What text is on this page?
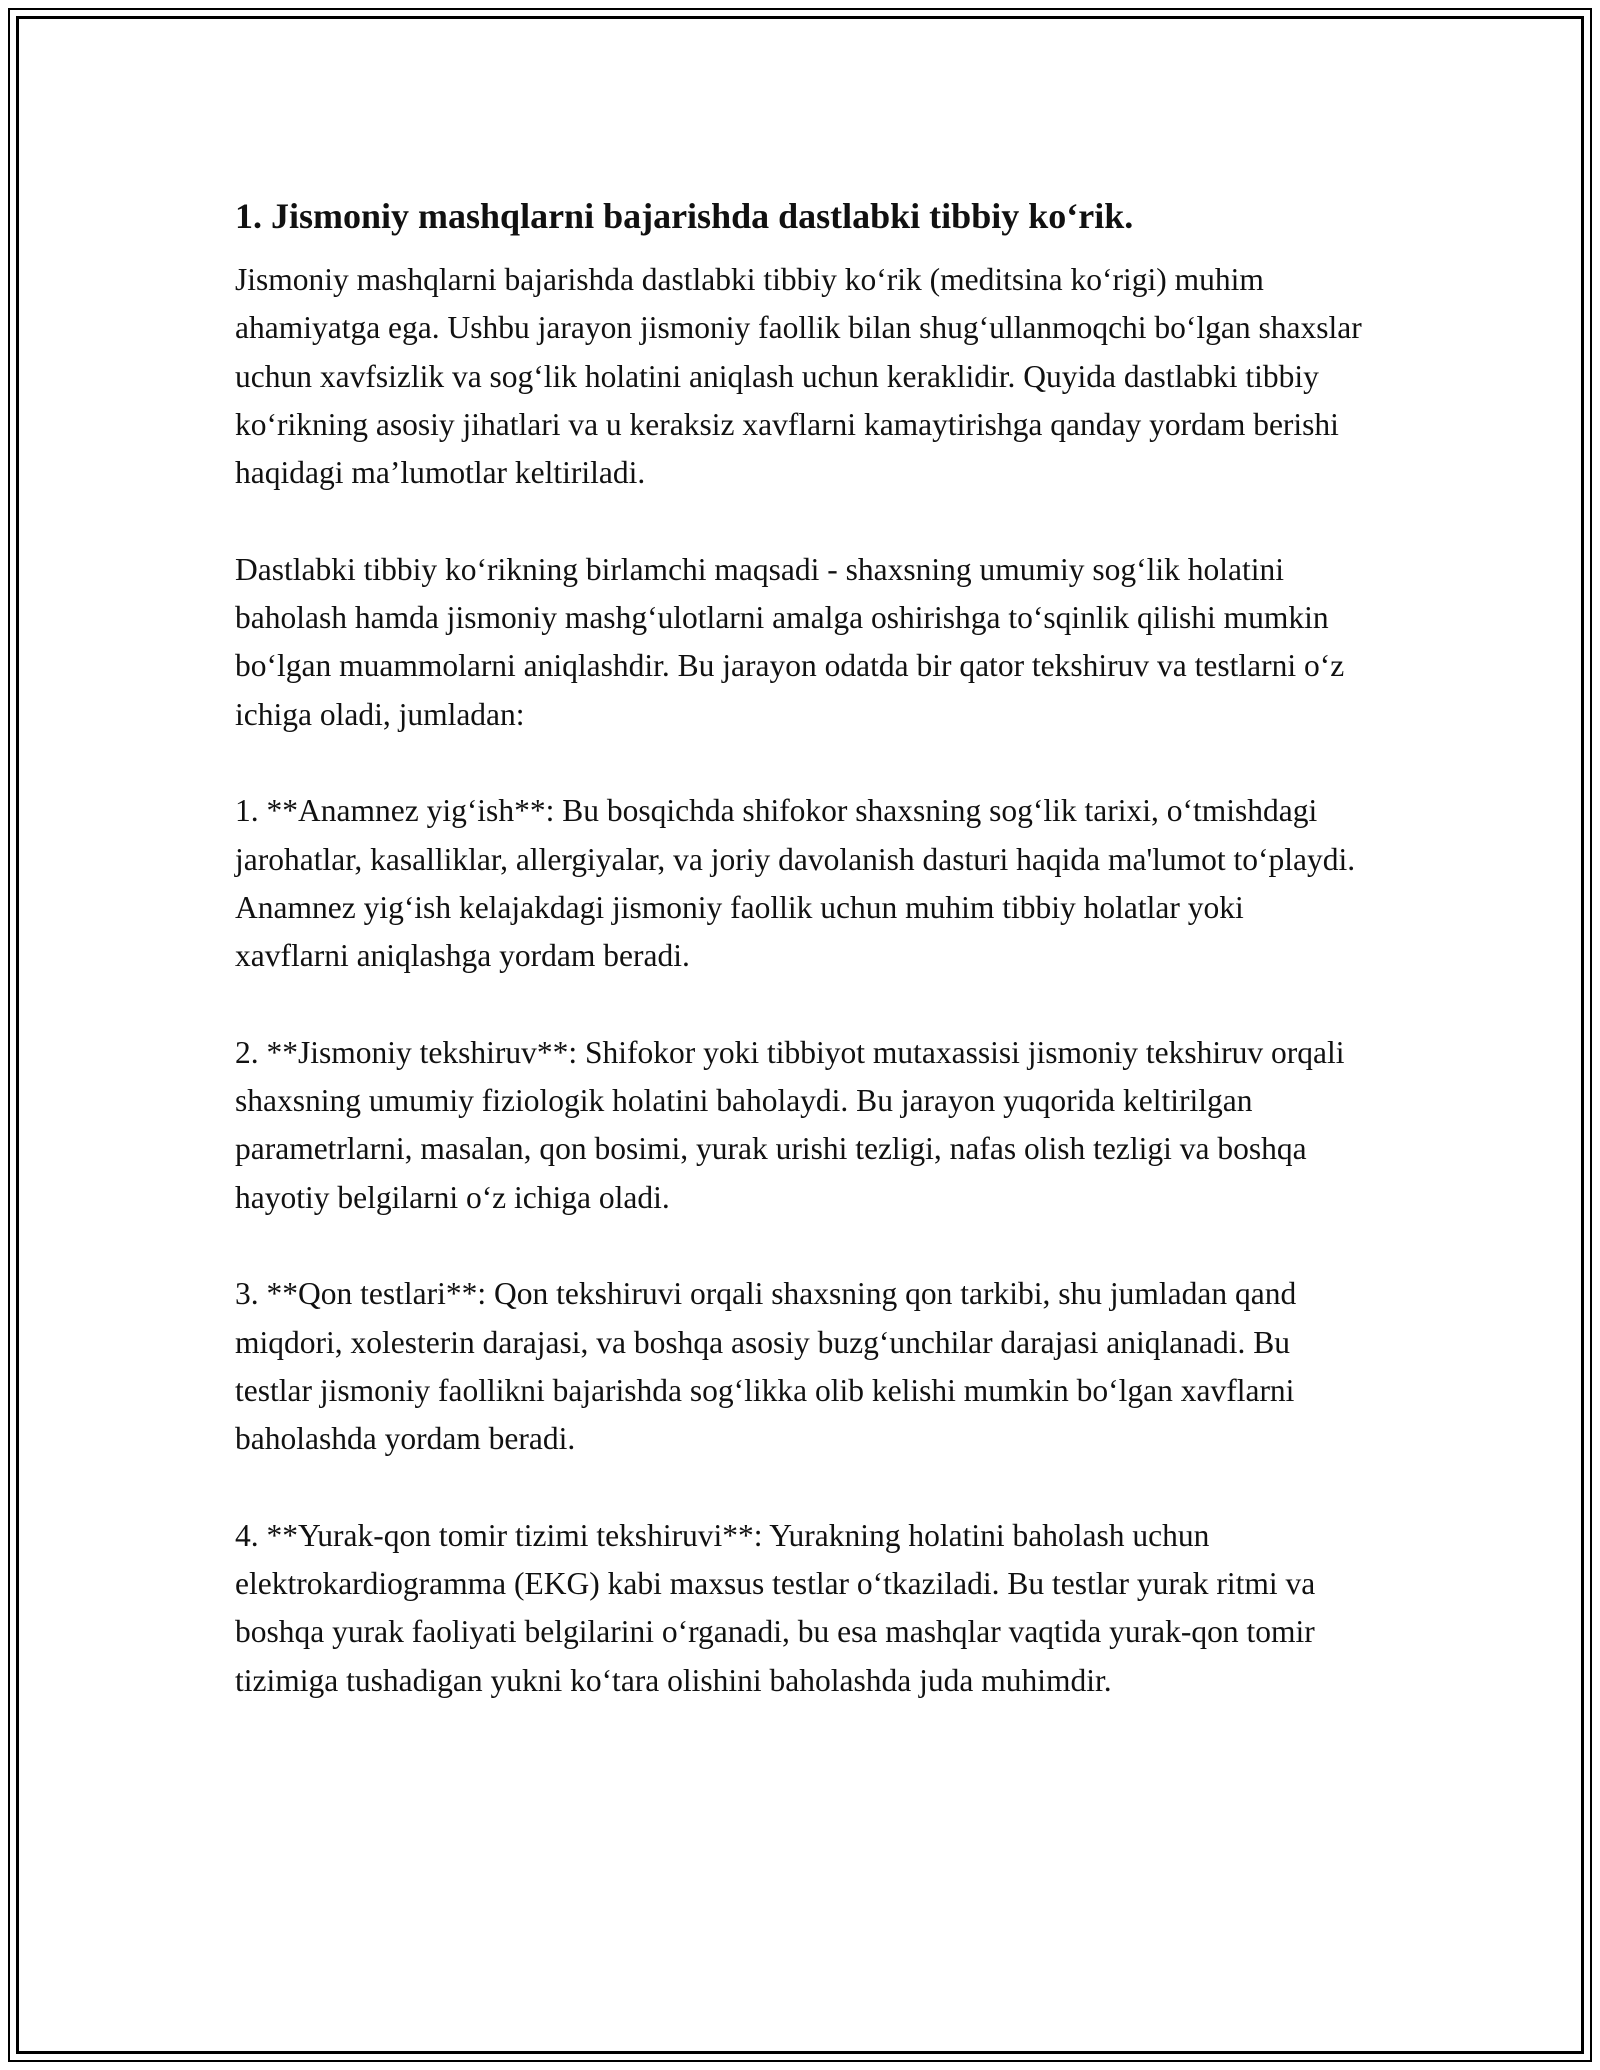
1. Jismoniy mashqlarni bajarishda dastlabki tibbiy ko‘rik.

Jismoniy mashqlarni bajarishda dastlabki tibbiy ko‘rik (meditsina ko‘rigi) muhim ahamiyatga ega. Ushbu jarayon jismoniy faollik bilan shug‘ullanmoqchi bo‘lgan shaxslar uchun xavfsizlik va sog‘lik holatini aniqlash uchun keraklidir. Quyida dastlabki tibbiy ko‘rikning asosiy jihatlari va u keraksiz xavflarni kamaytirishga qanday yordam berishi haqidagi ma’lumotlar keltiriladi.

Dastlabki tibbiy ko‘rikning birlamchi maqsadi - shaxsning umumiy sog‘lik holatini baholash hamda jismoniy mashg‘ulotlarni amalga oshirishga to‘sqinlik qilishi mumkin bo‘lgan muammolarni aniqlashdir. Bu jarayon odatda bir qator tekshiruv va testlarni o‘z ichiga oladi, jumladan:

1. **Anamnez yig‘ish**: Bu bosqichda shifokor shaxsning sog‘lik tarixi, o‘tmishdagi jarohatlar, kasalliklar, allergiyalar, va joriy davolanish dasturi haqida ma'lumot to‘playdi. Anamnez yig‘ish kelajakdagi jismoniy faollik uchun muhim tibbiy holatlar yoki xavflarni aniqlashga yordam beradi.

2. **Jismoniy tekshiruv**: Shifokor yoki tibbiyot mutaxassisi jismoniy tekshiruv orqali shaxsning umumiy fiziologik holatini baholaydi. Bu jarayon yuqorida keltirilgan parametrlarni, masalan, qon bosimi, yurak urishi tezligi, nafas olish tezligi va boshqa hayotiy belgilarni o‘z ichiga oladi.

3. **Qon testlari**: Qon tekshiruvi orqali shaxsning qon tarkibi, shu jumladan qand miqdori, xolesterin darajasi, va boshqa asosiy buzg‘unchilar darajasi aniqlanadi. Bu testlar jismoniy faollikni bajarishda sog‘likka olib kelishi mumkin bo‘lgan xavflarni baholashda yordam beradi.

4. **Yurak-qon tomir tizimi tekshiruvi**: Yurakning holatini baholash uchun elektrokardiogramma (EKG) kabi maxsus testlar o‘tkaziladi. Bu testlar yurak ritmi va boshqa yurak faoliyati belgilarini o‘rganadi, bu esa mashqlar vaqtida yurak-qon tomir tizimiga tushadigan yukni ko‘tara olishini baholashda juda muhimdir.
